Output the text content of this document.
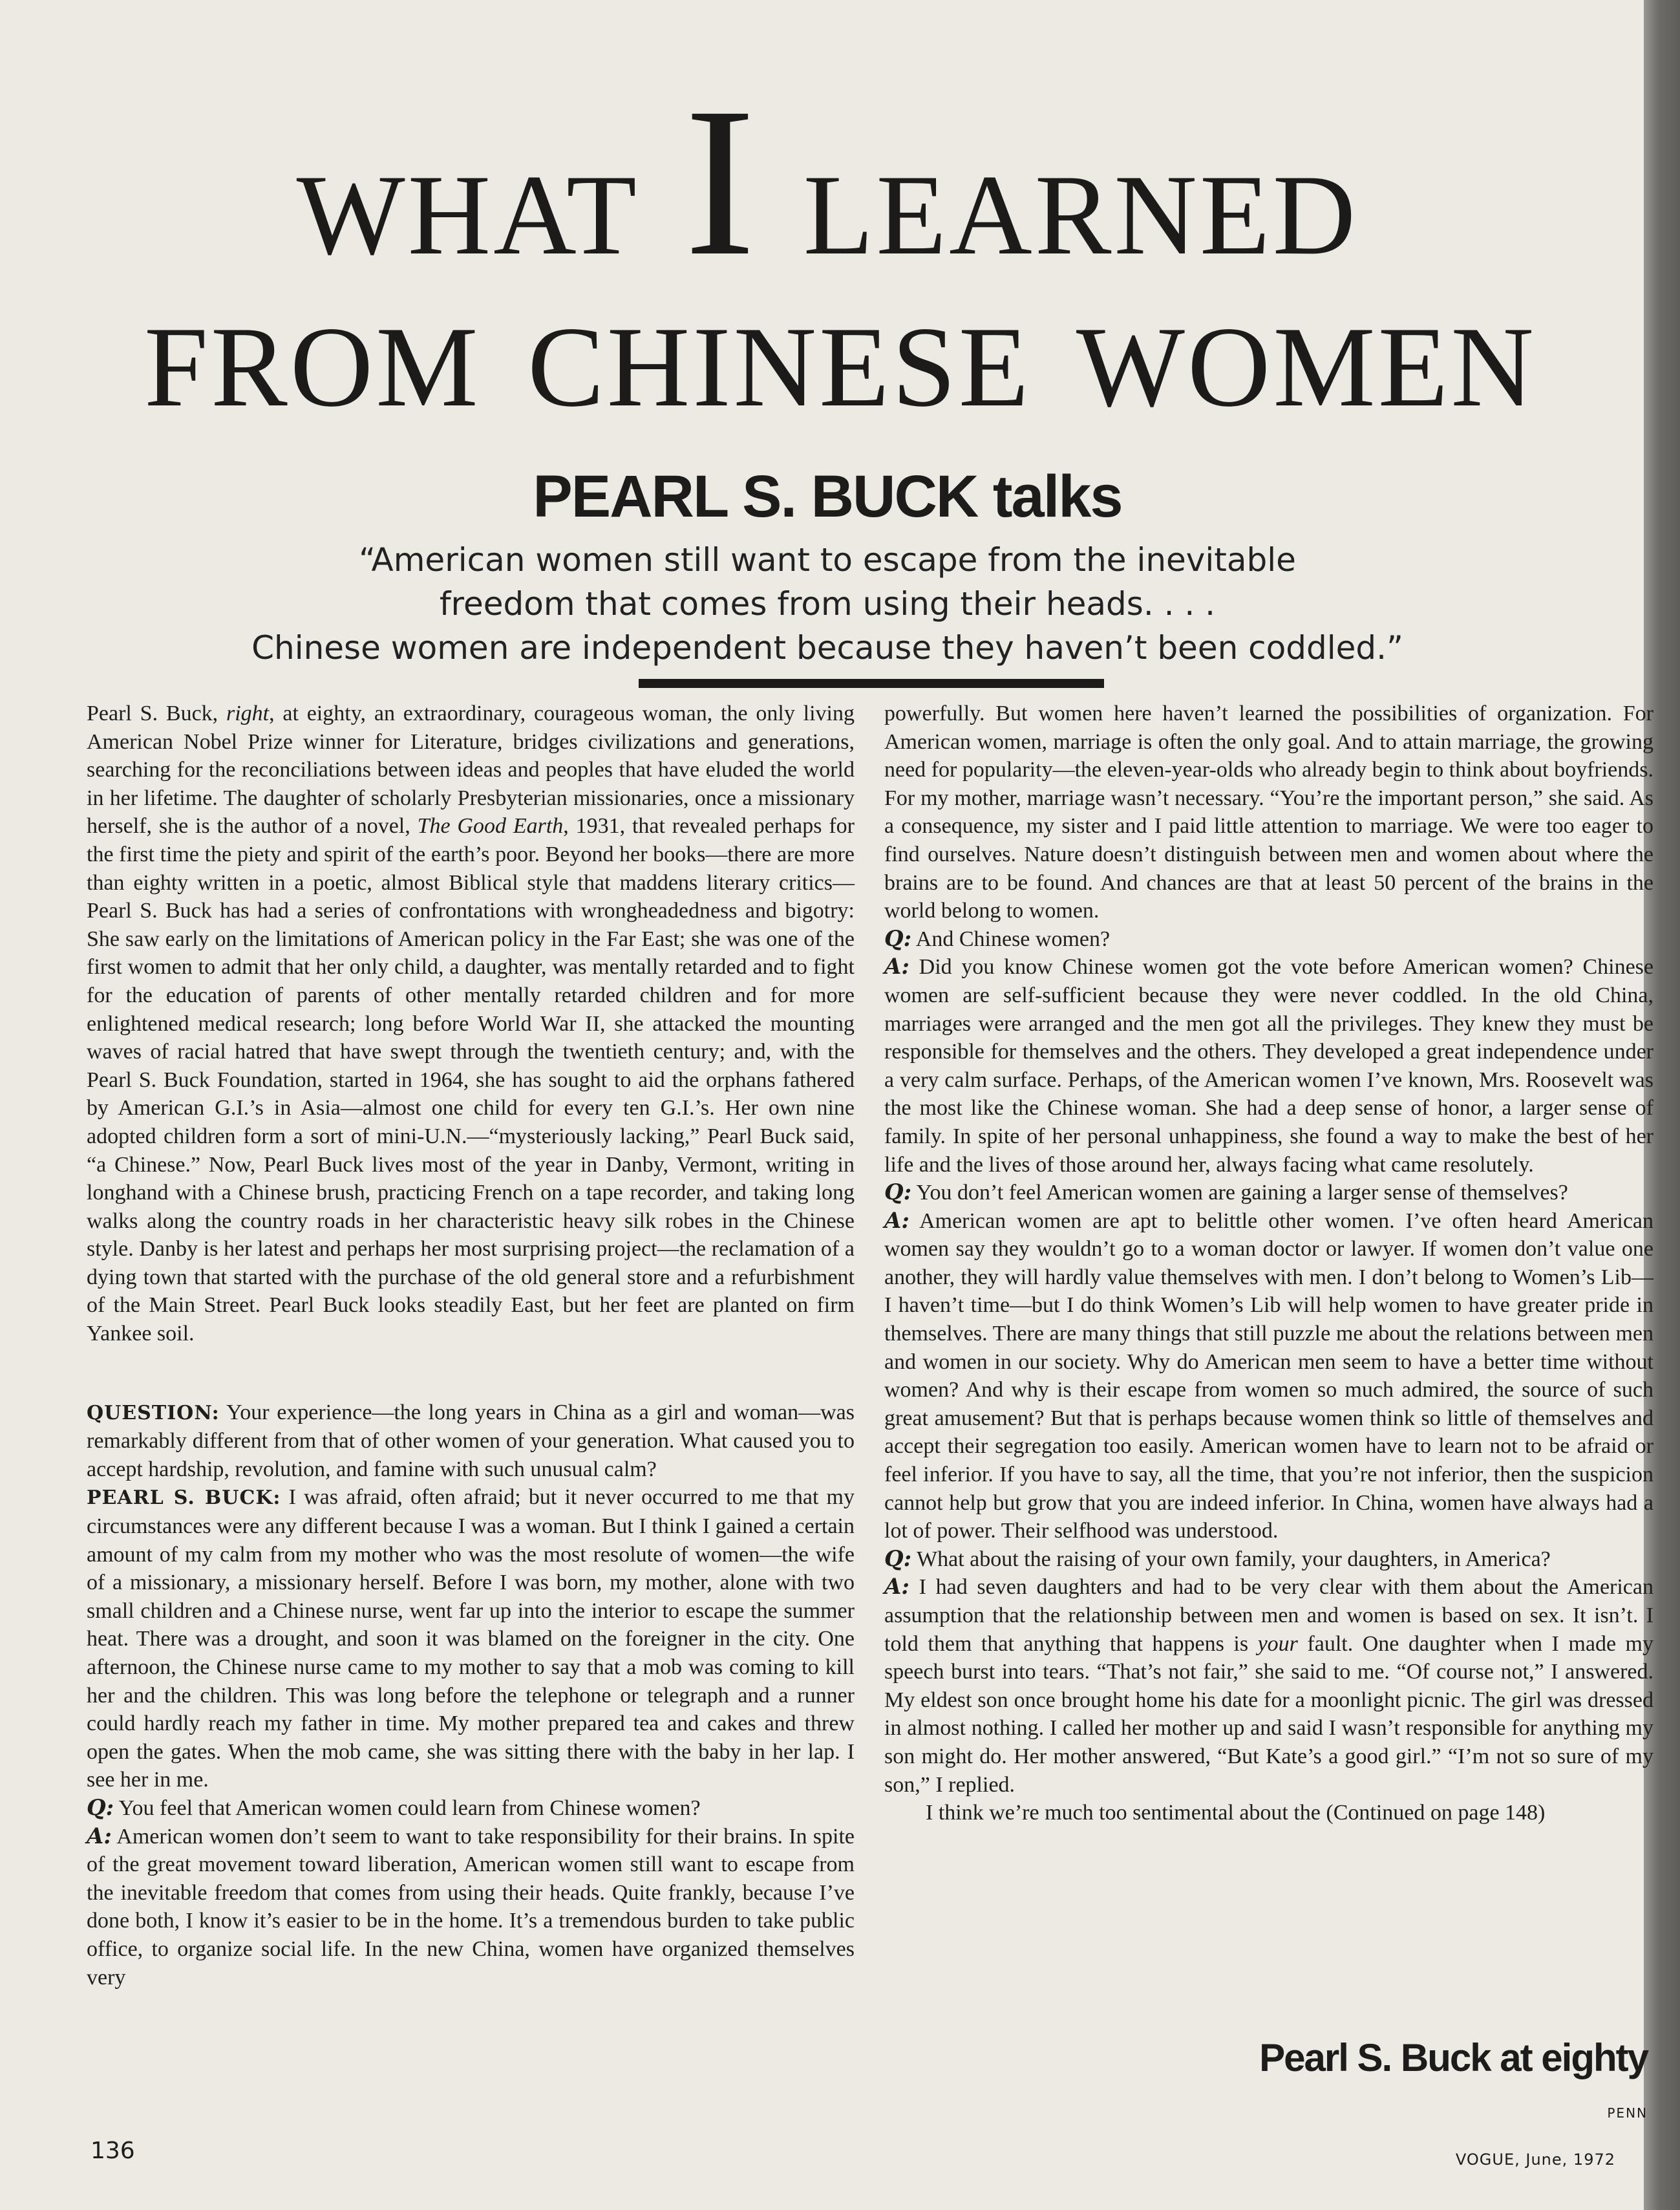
WHAT I LEARNED
FROM CHINESE WOMEN
PEARL S. BUCK talks
“American women still want to escape from the inevitable
freedom that comes from using their heads. . . .
Chinese women are independent because they haven’t been coddled.”

Pearl S. Buck, right, at eighty, an extraordinary, courageous woman, the only living American Nobel Prize winner for Literature, bridges civilizations and generations, searching for the reconciliations between ideas and peoples that have eluded the world in her lifetime. The daughter of scholarly Presbyterian missionaries, once a missionary herself, she is the author of a novel, The Good Earth, 1931, that revealed perhaps for the first time the piety and spirit of the earth’s poor. Beyond her books—there are more than eighty written in a poetic, almost Biblical style that maddens literary critics—Pearl S. Buck has had a series of confrontations with wrongheadedness and bigotry: She saw early on the limitations of American policy in the Far East; she was one of the first women to admit that her only child, a daughter, was mentally retarded and to fight for the education of parents of other mentally retarded children and for more enlightened medical research; long before World War II, she attacked the mounting waves of racial hatred that have swept through the twentieth century; and, with the Pearl S. Buck Foundation, started in 1964, she has sought to aid the orphans fathered by American G.I.’s in Asia—almost one child for every ten G.I.’s. Her own nine adopted children form a sort of mini-U.N.—“mysteriously lacking,” Pearl Buck said, “a Chinese.” Now, Pearl Buck lives most of the year in Danby, Vermont, writing in longhand with a Chinese brush, practicing French on a tape recorder, and taking long walks along the country roads in her characteristic heavy silk robes in the Chinese style. Danby is her latest and perhaps her most surprising project—the reclamation of a dying town that started with the purchase of the old general store and a refurbishment of the Main Street. Pearl Buck looks steadily East, but her feet are planted on firm Yankee soil.

QUESTION: Your experience—the long years in China as a girl and woman—was remarkably different from that of other women of your generation. What caused you to accept hardship, revolution, and famine with such unusual calm?

PEARL S. BUCK: I was afraid, often afraid; but it never occurred to me that my circumstances were any different because I was a woman. But I think I gained a certain amount of my calm from my mother who was the most resolute of women—the wife of a missionary, a missionary herself. Before I was born, my mother, alone with two small children and a Chinese nurse, went far up into the interior to escape the summer heat. There was a drought, and soon it was blamed on the foreigner in the city. One afternoon, the Chinese nurse came to my mother to say that a mob was coming to kill her and the children. This was long before the telephone or telegraph and a runner could hardly reach my father in time. My mother prepared tea and cakes and threw open the gates. When the mob came, she was sitting there with the baby in her lap. I see her in me.

Q: You feel that American women could learn from Chinese women?

A: American women don’t seem to want to take responsibility for their brains. In spite of the great movement toward liberation, American women still want to escape from the inevitable freedom that comes from using their heads. Quite frankly, because I’ve done both, I know it’s easier to be in the home. It’s a tremendous burden to take public office, to organize social life. In the new China, women have organized themselves very

powerfully. But women here haven’t learned the possibilities of organization. For American women, marriage is often the only goal. And to attain marriage, the growing need for popularity—the eleven-year-olds who already begin to think about boyfriends. For my mother, marriage wasn’t necessary. “You’re the important person,” she said. As a consequence, my sister and I paid little attention to marriage. We were too eager to find ourselves. Nature doesn’t distinguish between men and women about where the brains are to be found. And chances are that at least 50 percent of the brains in the world belong to women.

Q: And Chinese women?

A: Did you know Chinese women got the vote before American women? Chinese women are self-sufficient because they were never coddled. In the old China, marriages were arranged and the men got all the privileges. They knew they must be responsible for themselves and the others. They developed a great independence under a very calm surface. Perhaps, of the American women I’ve known, Mrs. Roosevelt was the most like the Chinese woman. She had a deep sense of honor, a larger sense of family. In spite of her personal unhappiness, she found a way to make the best of her life and the lives of those around her, always facing what came resolutely.

Q: You don’t feel American women are gaining a larger sense of themselves?

A: American women are apt to belittle other women. I’ve often heard American women say they wouldn’t go to a woman doctor or lawyer. If women don’t value one another, they will hardly value themselves with men. I don’t belong to Women’s Lib—I haven’t time—but I do think Women’s Lib will help women to have greater pride in themselves. There are many things that still puzzle me about the relations between men and women in our society. Why do American men seem to have a better time without women? And why is their escape from women so much admired, the source of such great amusement? But that is perhaps because women think so little of themselves and accept their segregation too easily. American women have to learn not to be afraid or feel inferior. If you have to say, all the time, that you’re not inferior, then the suspicion cannot help but grow that you are indeed inferior. In China, women have always had a lot of power. Their selfhood was understood.

Q: What about the raising of your own family, your daughters, in America?

A: I had seven daughters and had to be very clear with them about the American assumption that the relationship between men and women is based on sex. It isn’t. I told them that anything that happens is your fault. One daughter when I made my speech burst into tears. “That’s not fair,” she said to me. “Of course not,” I answered. My eldest son once brought home his date for a moonlight picnic. The girl was dressed in almost nothing. I called her mother up and said I wasn’t responsible for anything my son might do. Her mother answered, “But Kate’s a good girl.” “I’m not so sure of my son,” I replied.

I think we’re much too sentimental about the (Continued on page 148)

Pearl S. Buck at eighty
PENN
136	VOGUE, June, 1972
